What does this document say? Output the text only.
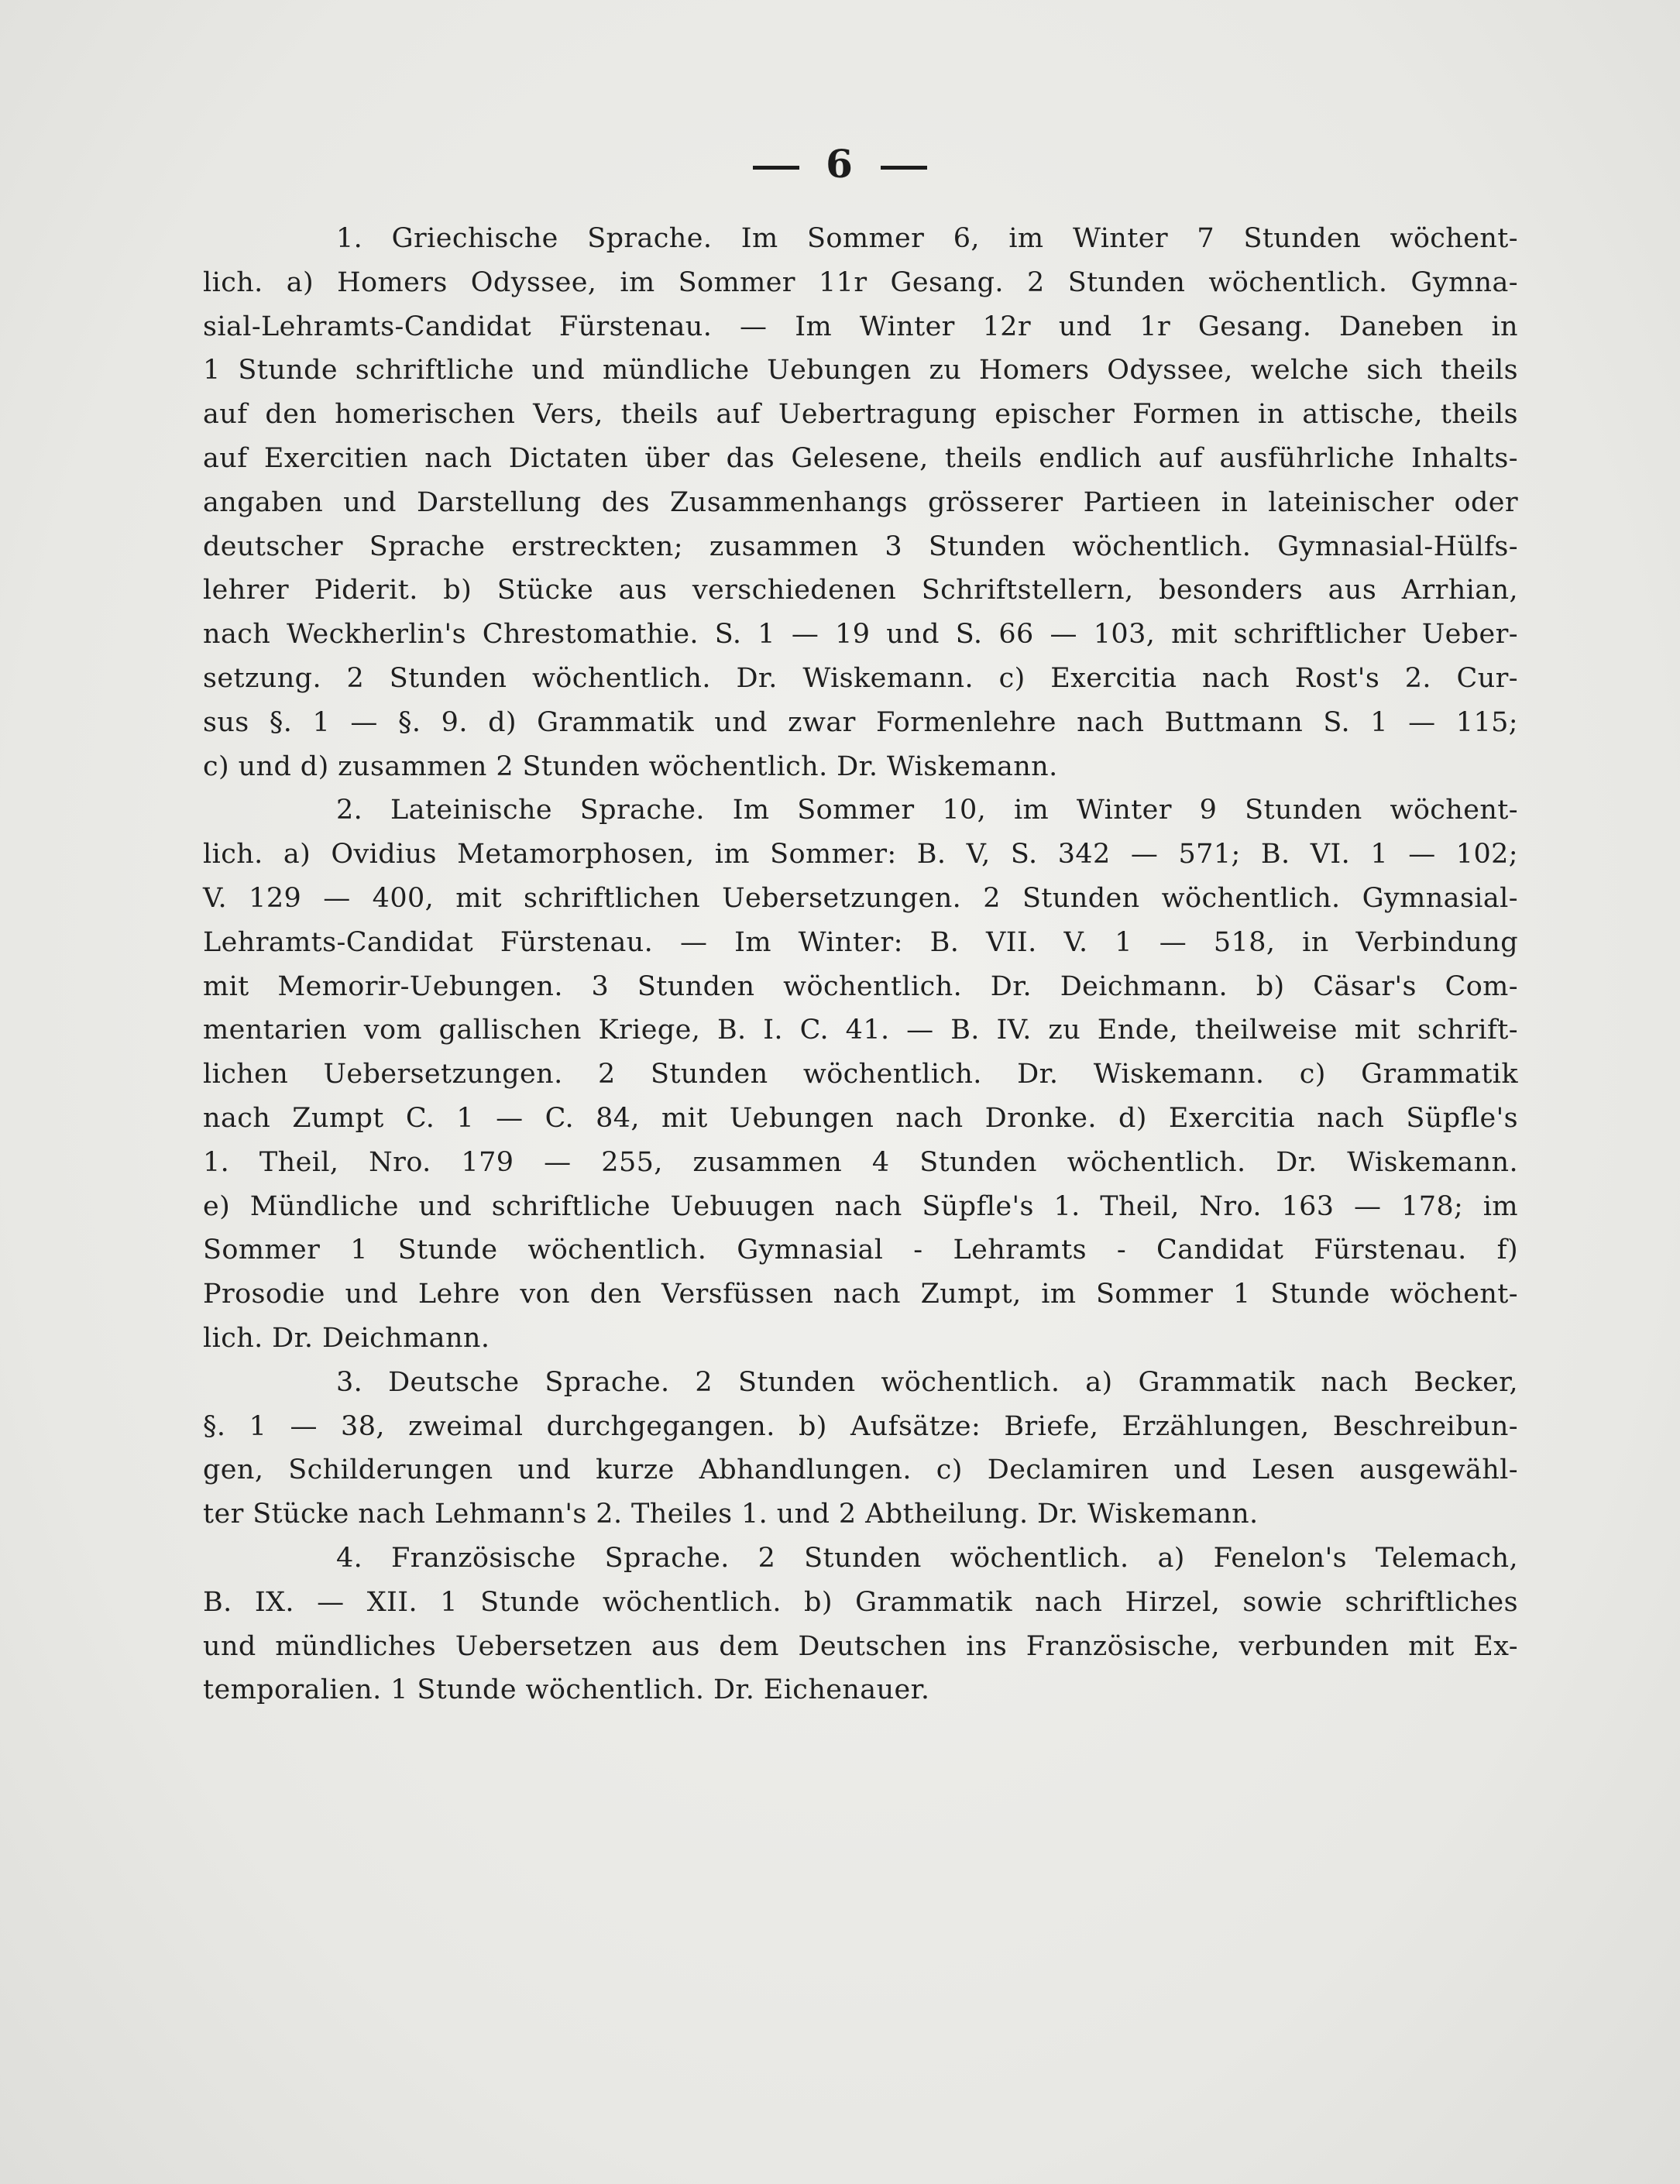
6
1. Griechische Sprache. Im Sommer 6, im Winter 7 Stunden wöchent-
lich. a) Homers Odyssee, im Sommer 11r Gesang. 2 Stunden wöchentlich. Gymna-
sial-Lehramts-Candidat Fürstenau. — Im Winter 12r und 1r Gesang. Daneben in
1 Stunde schriftliche und mündliche Uebungen zu Homers Odyssee, welche sich theils
auf den homerischen Vers, theils auf Uebertragung epischer Formen in attische, theils
auf Exercitien nach Dictaten über das Gelesene, theils endlich auf ausführliche Inhalts-
angaben und Darstellung des Zusammenhangs grösserer Partieen in lateinischer oder
deutscher Sprache erstreckten; zusammen 3 Stunden wöchentlich. Gymnasial-Hülfs-
lehrer Piderit. b) Stücke aus verschiedenen Schriftstellern, besonders aus Arrhian,
nach Weckherlin's Chrestomathie. S. 1 — 19 und S. 66 — 103, mit schriftlicher Ueber-
setzung. 2 Stunden wöchentlich. Dr. Wiskemann. c) Exercitia nach Rost's 2. Cur-
sus §. 1 — §. 9. d) Grammatik und zwar Formenlehre nach Buttmann S. 1 — 115;
c) und d) zusammen 2 Stunden wöchentlich. Dr. Wiskemann.
2. Lateinische Sprache. Im Sommer 10, im Winter 9 Stunden wöchent-
lich. a) Ovidius Metamorphosen, im Sommer: B. V, S. 342 — 571; B. VI. 1 — 102;
V. 129 — 400, mit schriftlichen Uebersetzungen. 2 Stunden wöchentlich. Gymnasial-
Lehramts-Candidat Fürstenau. — Im Winter: B. VII. V. 1 — 518, in Verbindung
mit Memorir-Uebungen. 3 Stunden wöchentlich. Dr. Deichmann. b) Cäsar's Com-
mentarien vom gallischen Kriege, B. I. C. 41. — B. IV. zu Ende, theilweise mit schrift-
lichen Uebersetzungen. 2 Stunden wöchentlich. Dr. Wiskemann. c) Grammatik
nach Zumpt C. 1 — C. 84, mit Uebungen nach Dronke. d) Exercitia nach Süpfle's
1. Theil, Nro. 179 — 255, zusammen 4 Stunden wöchentlich. Dr. Wiskemann.
e) Mündliche und schriftliche Uebuugen nach Süpfle's 1. Theil, Nro. 163 — 178; im
Sommer 1 Stunde wöchentlich. Gymnasial - Lehramts - Candidat Fürstenau. f)
Prosodie und Lehre von den Versfüssen nach Zumpt, im Sommer 1 Stunde wöchent-
lich. Dr. Deichmann.
3. Deutsche Sprache. 2 Stunden wöchentlich. a) Grammatik nach Becker,
§. 1 — 38, zweimal durchgegangen. b) Aufsätze: Briefe, Erzählungen, Beschreibun-
gen, Schilderungen und kurze Abhandlungen. c) Declamiren und Lesen ausgewähl-
ter Stücke nach Lehmann's 2. Theiles 1. und 2 Abtheilung. Dr. Wiskemann.
4. Französische Sprache. 2 Stunden wöchentlich. a) Fenelon's Telemach,
B. IX. — XII. 1 Stunde wöchentlich. b) Grammatik nach Hirzel, sowie schriftliches
und mündliches Uebersetzen aus dem Deutschen ins Französische, verbunden mit Ex-
temporalien. 1 Stunde wöchentlich. Dr. Eichenauer.
